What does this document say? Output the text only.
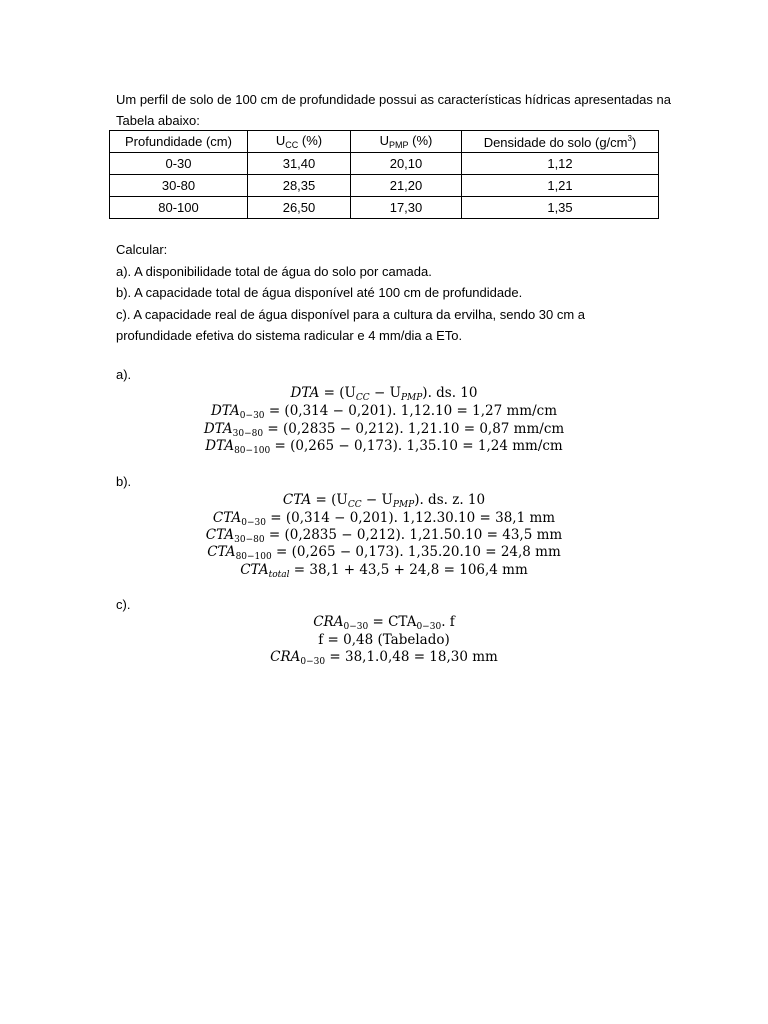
Um perfil de solo de 100 cm de profundidade possui as características hídricas apresentadas na Tabela abaixo:

Profundidade (cm)	$U_{CC}$ (%)	$U_{PMP}$ (%)	Densidade do solo $(g/cm^3)$
0-30	31,40	20,10	1,12
30-80	28,35	21,20	1,21
80-100	26,50	17,30	1,35

Calcular:

a). A disponibilidade total de água do solo por camada.

b). A capacidade total de água disponível até 100 cm de profundidade.

c). A capacidade real de água disponível para a cultura da ervilha, sendo 30 cm a

profundidade efetiva do sistema radicular e 4 mm/dia a ETo.

a).
DTA = $(U_{CC} - U_{PMP})$. ds. 10
$DTA_{0-30} = (0,314 - 0,201)$. 1,12.10 = 1,27 mm/cm
$DTA_{30-80} = (0,2835 - 0,212)$. 1,21.10 = 0,87 mm/cm
$DTA_{80-100} = (0,265 - 0,173)$. 1,35.10 = 1,24 mm/cm
b).
CTA = $(U_{CC} - U_{PMP})$. ds. z. 10
$CTA_{0-30} = (0,314 - 0,201)$. 1,12.30.10 = 38,1 mm
$CTA_{30-80} = (0,2835 - 0,212)$. 1,21.50.10 = 43,5 mm
$CTA_{80-100} = (0,265 - 0,173)$. 1,35.20.10 = 24,8 mm
$CTA_{total} = 38,1 + 43,5 + 24,8 = 106,4$ mm
c).
$CRA_{0-30} = CTA_{0-30}$. f
f = 0,48 (Tabelado)
$CRA_{0-30} = 38,1.0,48 = 18,30$ mm
